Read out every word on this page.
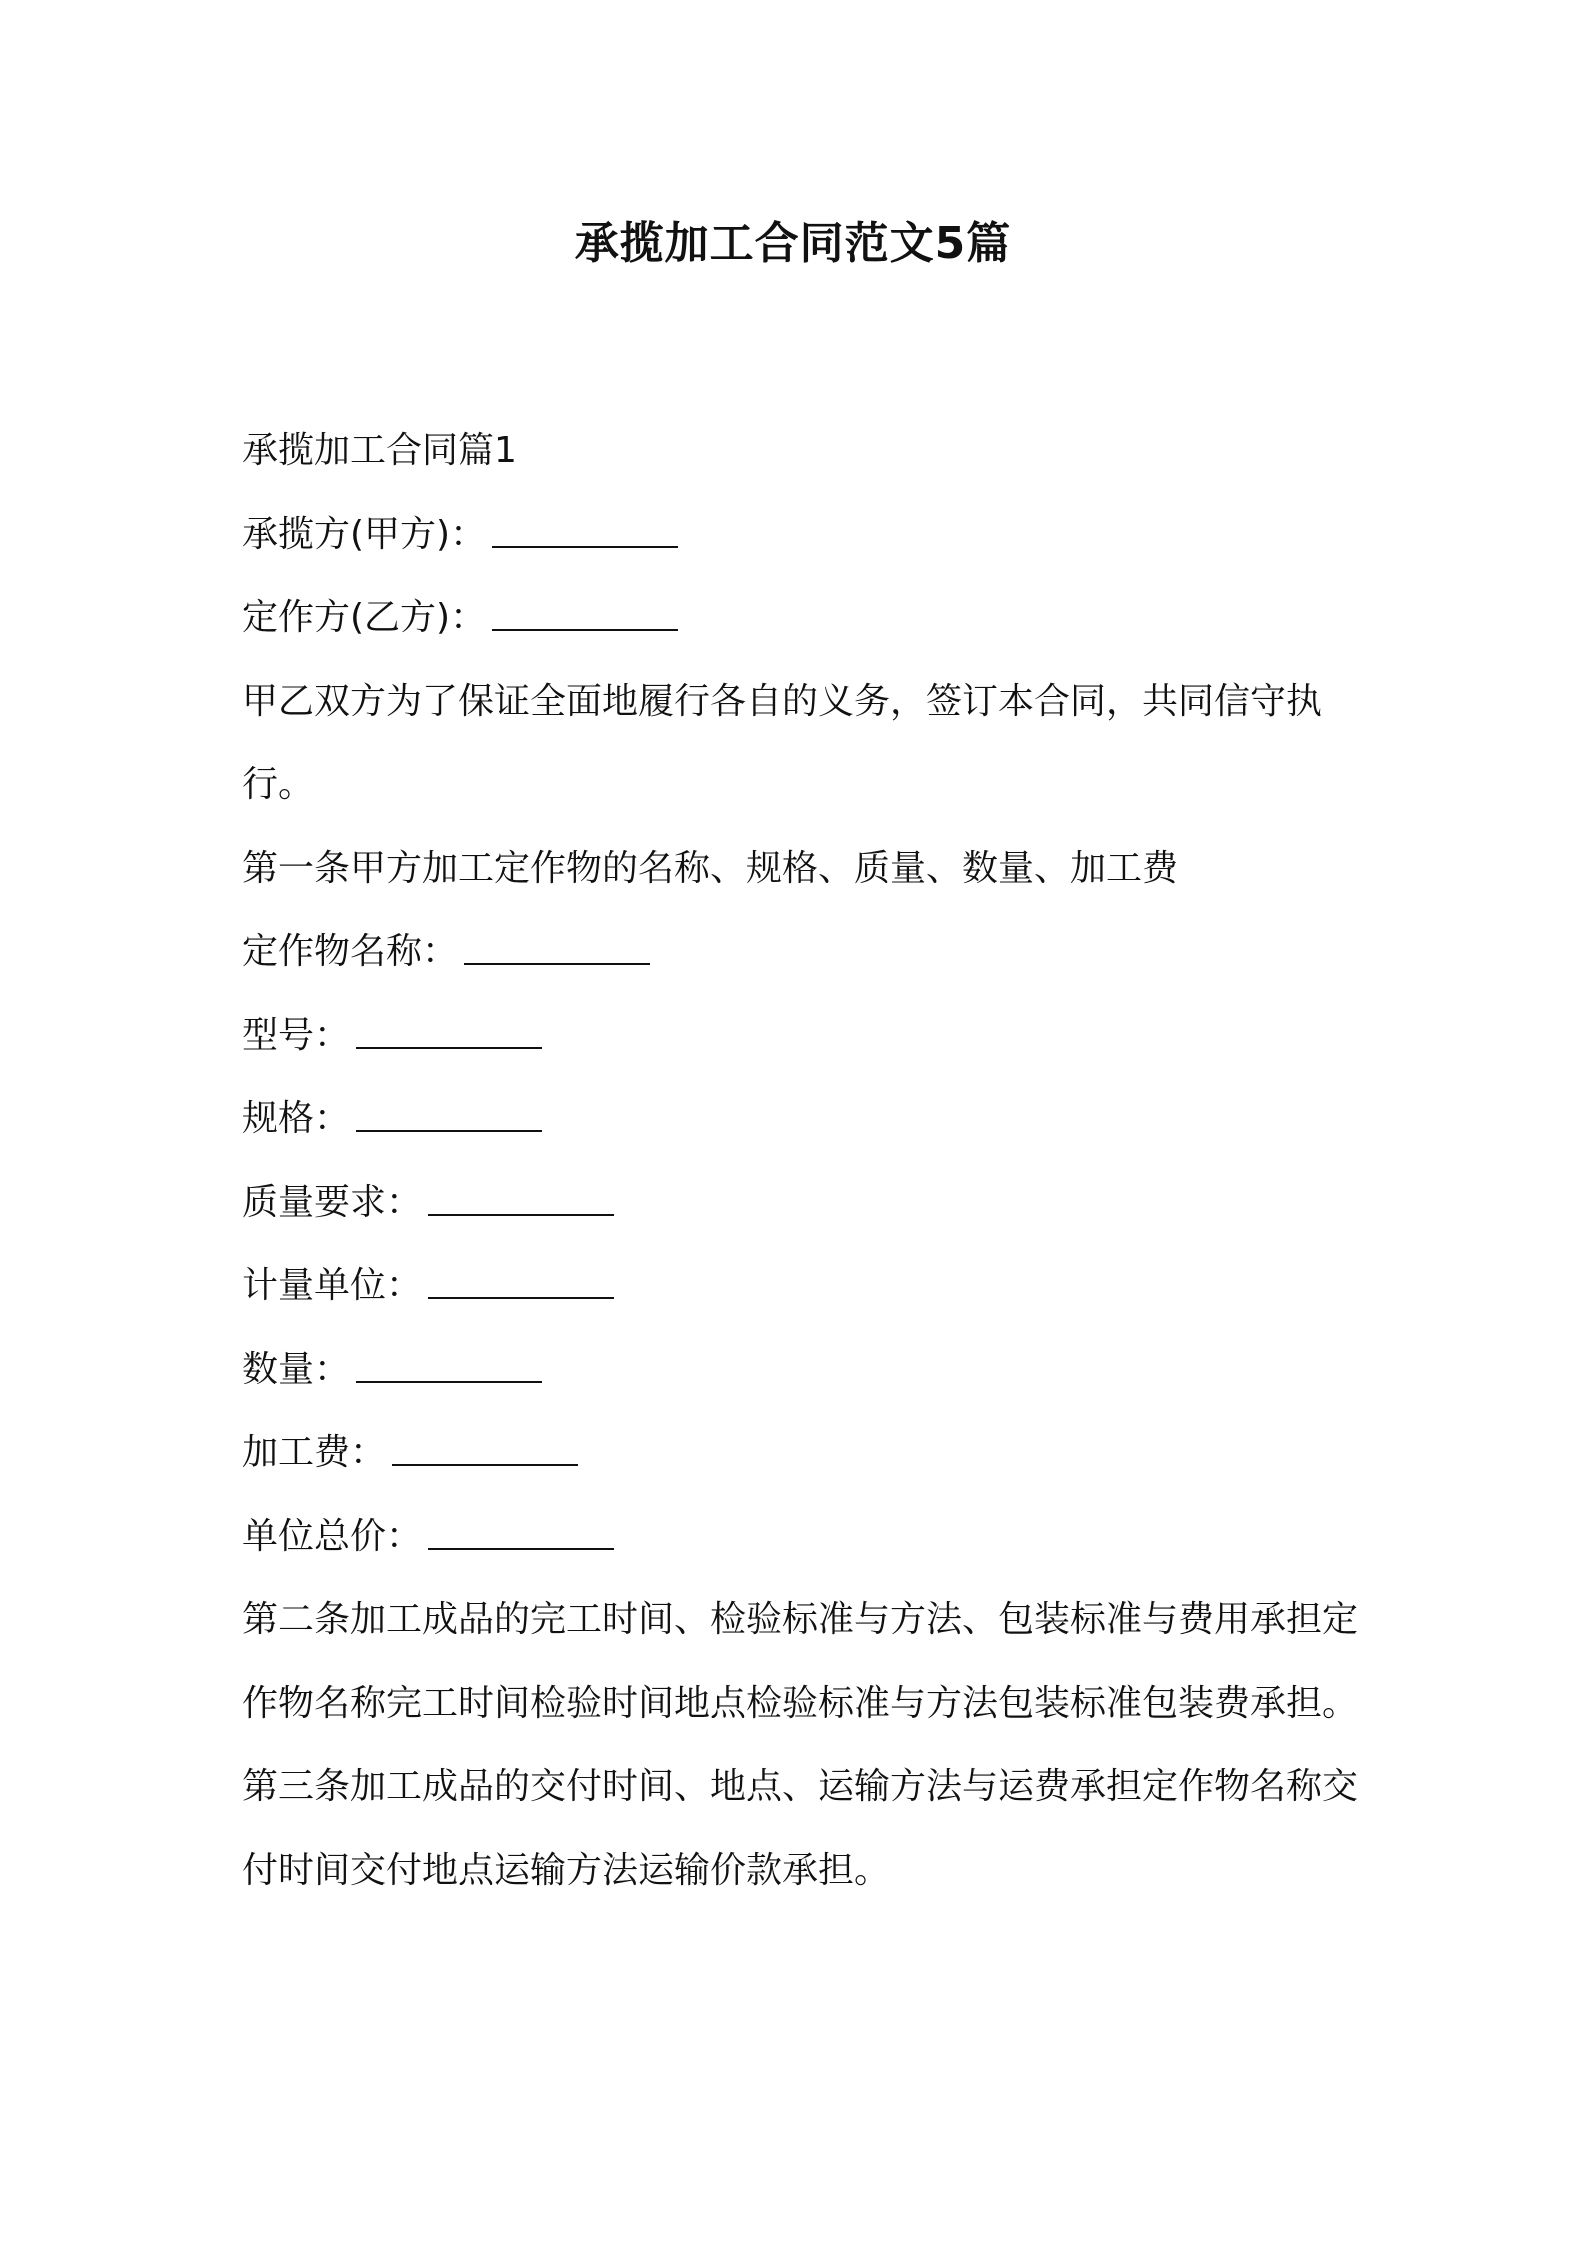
承揽加工合同范文5篇

承揽加工合同篇1

承揽方(甲方)：

定作方(乙方)：

甲乙双方为了保证全面地履行各自的义务，签订本合同，共同信守执行。

第一条甲方加工定作物的名称、规格、质量、数量、加工费

定作物名称：

型号：

规格：

质量要求：

计量单位：

数量：

加工费：

单位总价：

第二条加工成品的完工时间、检验标准与方法、包装标准与费用承担定作物名称完工时间检验时间地点检验标准与方法包装标准包装费承担。

第三条加工成品的交付时间、地点、运输方法与运费承担定作物名称交付时间交付地点运输方法运输价款承担。
